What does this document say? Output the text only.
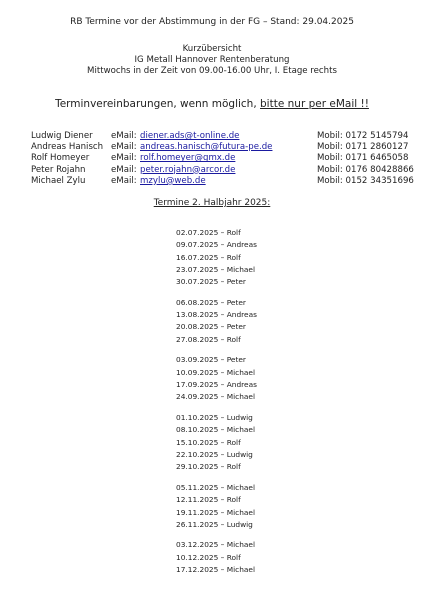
RB Termine vor der Abstimmung in der FG – Stand: 29.04.2025
Kurzübersicht
IG Metall Hannover Rentenberatung
Mittwochs in der Zeit von 09.00-16.00 Uhr, I. Etage rechts
Terminvereinbarungen, wenn möglich, bitte nur per eMail !!
Ludwig Diener eMail: diener.ads@t-online.de	Mobil: 0172 5145794
Andreas Hanisch eMail: andreas.hanisch@futura-pe.de	Mobil: 0171 2860127
Rolf Homeyer	eMail: rolf.homeyer@gmx.de	Mobil: 0171 6465058
Peter Rojahn	eMail: peter.rojahn@arcor.de	Mobil: 0176 80428866
Michael Zylu	eMail: mzylu@web.de	Mobil: 0152 34351696
Termine 2. Halbjahr 2025:
02.07.2025 – Rolf
09.07.2025 – Andreas
16.07.2025 – Rolf
23.07.2025 – Michael
30.07.2025 – Peter
06.08.2025 – Peter
13.08.2025 – Andreas
20.08.2025 – Peter
27.08.2025 – Rolf
03.09.2025 – Peter
10.09.2025 – Michael
17.09.2025 – Andreas
24.09.2025 – Michael
01.10.2025 – Ludwig
08.10.2025 – Michael
15.10.2025 – Rolf
22.10.2025 – Ludwig
29.10.2025 – Rolf
05.11.2025 – Michael
12.11.2025 – Rolf
19.11.2025 – Michael
26.11.2025 – Ludwig
03.12.2025 – Michael
10.12.2025 – Rolf
17.12.2025 – Michael
